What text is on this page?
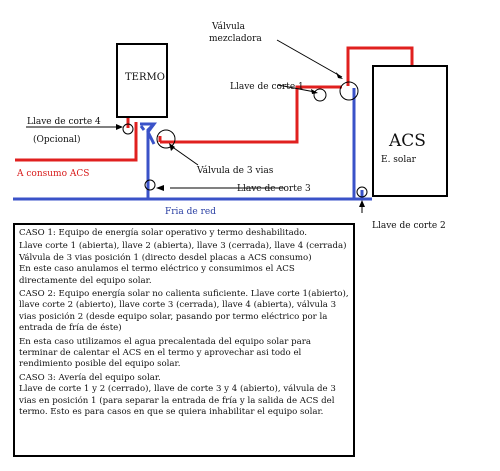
TERMO
ACS
E. solar
Válvula
mezcladora
Llave de corte 1
Llave de corte 4
(Opcional)
Válvula de 3 vias
A consumo ACS
Llave de corte 3
Fria de red
Llave de corte 2

CASO 1: Equipo de energía solar operativo y termo deshabilitado.

Llave corte 1 (abierta), llave 2 (abierta), llave 3 (cerrada), llave 4 (cerrada)

Válvula de 3 vias posición 1 (directo desdel placas a ACS consumo)

En este caso anulamos el termo eléctrico y consumimos el ACS directamente del equipo solar.

CASO 2: Equipo energía solar no calienta suficiente. Llave corte 1(abierto), llave corte 2 (abierto), llave corte 3 (cerrada), llave 4 (abierta), válvula 3 vias posición 2 (desde equipo solar, pasando por termo eléctrico por la entrada de fría de éste)

En esta caso utilizamos el agua precalentada del equipo solar para terminar de calentar el ACS en el termo y aprovechar asi todo el rendimiento posible del equipo solar.

CASO 3: Avería del equipo solar.

Llave de corte 1 y 2 (cerrado), llave de corte 3 y 4 (abierto), válvula de 3 vias en posición 1 (para separar la entrada de fría y la salida de ACS del termo. Esto es para casos en que se quiera inhabilitar el equipo solar.
